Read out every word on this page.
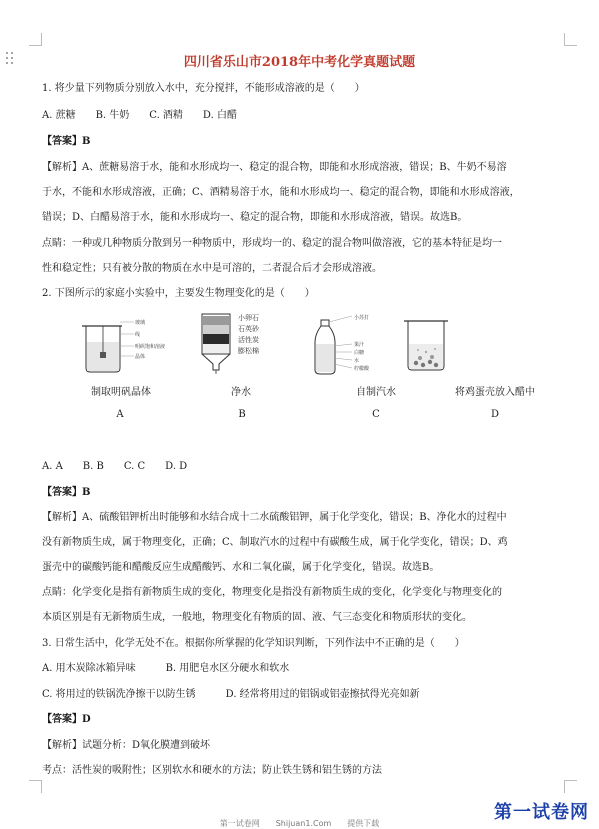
四川省乐山市2018年中考化学真题试题
1. 将少量下列物质分别放入水中，充分搅拌，不能形成溶液的是（　　）
A. 蔗糖　　B. 牛奶　　C. 酒精　　D. 白醋
【答案】B
【解析】A、蔗糖易溶于水，能和水形成均一、稳定的混合物，即能和水形成溶液，错误；B、牛奶不易溶
于水，不能和水形成溶液，正确；C、酒精易溶于水，能和水形成均一、稳定的混合物，即能和水形成溶液，
错误；D、白醋易溶于水，能和水形成均一、稳定的混合物，即能和水形成溶液，错误。故选B。
点睛：一种或几种物质分散到另一种物质中，形成均一的、稳定的混合物叫做溶液，它的基本特征是均一
性和稳定性；只有被分散的物质在水中是可溶的，二者混合后才会形成溶液。
2. 下图所示的家庭小实验中，主要发生物理变化的是（　　）
玻璃
线
明矾饱和溶液
晶体
小卵石
石英砂
活性炭
膨松棉
小苏打
果汁
白糖
水
柠檬酸
制取明矾晶体	净水	自制汽水	将鸡蛋壳放入醋中
A	B	C	D
A. A　　B. B　　C. C　　D. D
【答案】B
【解析】A、硫酸铝钾析出时能够和水结合成十二水硫酸铝钾，属于化学变化，错误；B、净化水的过程中
没有新物质生成，属于物理变化，正确；C、制取汽水的过程中有碳酸生成，属于化学变化，错误；D、鸡
蛋壳中的碳酸钙能和醋酸反应生成醋酸钙、水和二氧化碳，属于化学变化，错误。故选B。
点睛：化学变化是指有新物质生成的变化，物理变化是指没有新物质生成的变化，化学变化与物理变化的
本质区别是有无新物质生成，一般地，物理变化有物质的固、液、气三态变化和物质形状的变化。
3. 日常生活中，化学无处不在。根据你所掌握的化学知识判断，下列作法中不正确的是（　　）
A. 用木炭除冰箱异味　　　B. 用肥皂水区分硬水和软水
C. 将用过的铁锅洗净擦干以防生锈　　　D. 经常将用过的铝锅或铝壶擦拭得光亮如新
【答案】D
【解析】试题分析：D氧化膜遭到破坏
考点：活性炭的吸附性；区别软水和硬水的方法；防止铁生锈和铝生锈的方法
第一试卷网　　Shijuan1.Com　　提供下载
第一试卷网
